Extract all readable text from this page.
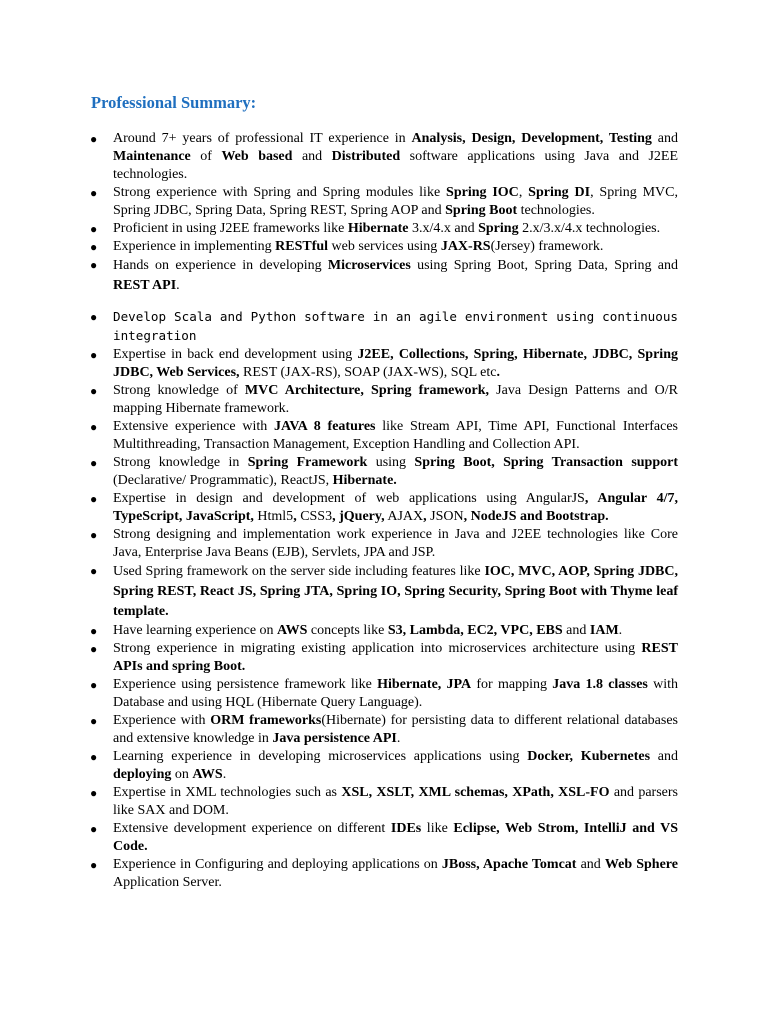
Professional Summary:
●	Around 7+ years of professional IT experience in Analysis, Design, Development, Testing and Maintenance of Web based and Distributed software applications using Java and J2EE technologies.
●	Strong experience with Spring and Spring modules like Spring IOC, Spring DI, Spring MVC, Spring JDBC, Spring Data, Spring REST, Spring AOP and Spring Boot technologies.
●	Proficient in using J2EE frameworks like Hibernate 3.x/4.x and Spring 2.x/3.x/4.x technologies.
●	Experience in implementing RESTful web services using JAX-RS(Jersey) framework.
●	Hands on experience in developing Microservices using Spring Boot, Spring Data, Spring and REST API.
●	Develop Scala and Python software in an agile environment using continuous integration
●	Expertise in back end development using J2EE, Collections, Spring, Hibernate, JDBC, Spring JDBC, Web Services, REST (JAX-RS), SOAP (JAX-WS), SQL etc.
●	Strong knowledge of MVC Architecture, Spring framework, Java Design Patterns and O/R mapping Hibernate framework.
●	Extensive experience with JAVA 8 features like Stream API, Time API, Functional Interfaces Multithreading, Transaction Management, Exception Handling and Collection API.
●	Strong knowledge in Spring Framework using Spring Boot, Spring Transaction support (Declarative/ Programmatic), ReactJS, Hibernate.
●	Expertise in design and development of web applications using AngularJS, Angular 4/7, TypeScript, JavaScript, Html5, CSS3, jQuery, AJAX, JSON, NodeJS and Bootstrap.
●	Strong designing and implementation work experience in Java and J2EE technologies like Core Java, Enterprise Java Beans (EJB), Servlets, JPA and JSP.
●	Used Spring framework on the server side including features like IOC, MVC, AOP, Spring JDBC, Spring REST, React JS, Spring JTA, Spring IO, Spring Security, Spring Boot with Thyme leaf template.
●	Have learning experience on AWS concepts like S3, Lambda, EC2, VPC, EBS and IAM.
●	Strong experience in migrating existing application into microservices architecture using REST APIs and spring Boot.
●	Experience using persistence framework like Hibernate, JPA for mapping Java 1.8 classes with Database and using HQL (Hibernate Query Language).
●	Experience with ORM frameworks(Hibernate) for persisting data to different relational databases and extensive knowledge in Java persistence API.
●	Learning experience in developing microservices applications using Docker, Kubernetes and deploying on AWS.
●	Expertise in XML technologies such as XSL, XSLT, XML schemas, XPath, XSL-FO and parsers like SAX and DOM.
●	Extensive development experience on different IDEs like Eclipse, Web Strom, IntelliJ and VS Code.
●	Experience in Configuring and deploying applications on JBoss, Apache Tomcat and Web Sphere Application Server.
